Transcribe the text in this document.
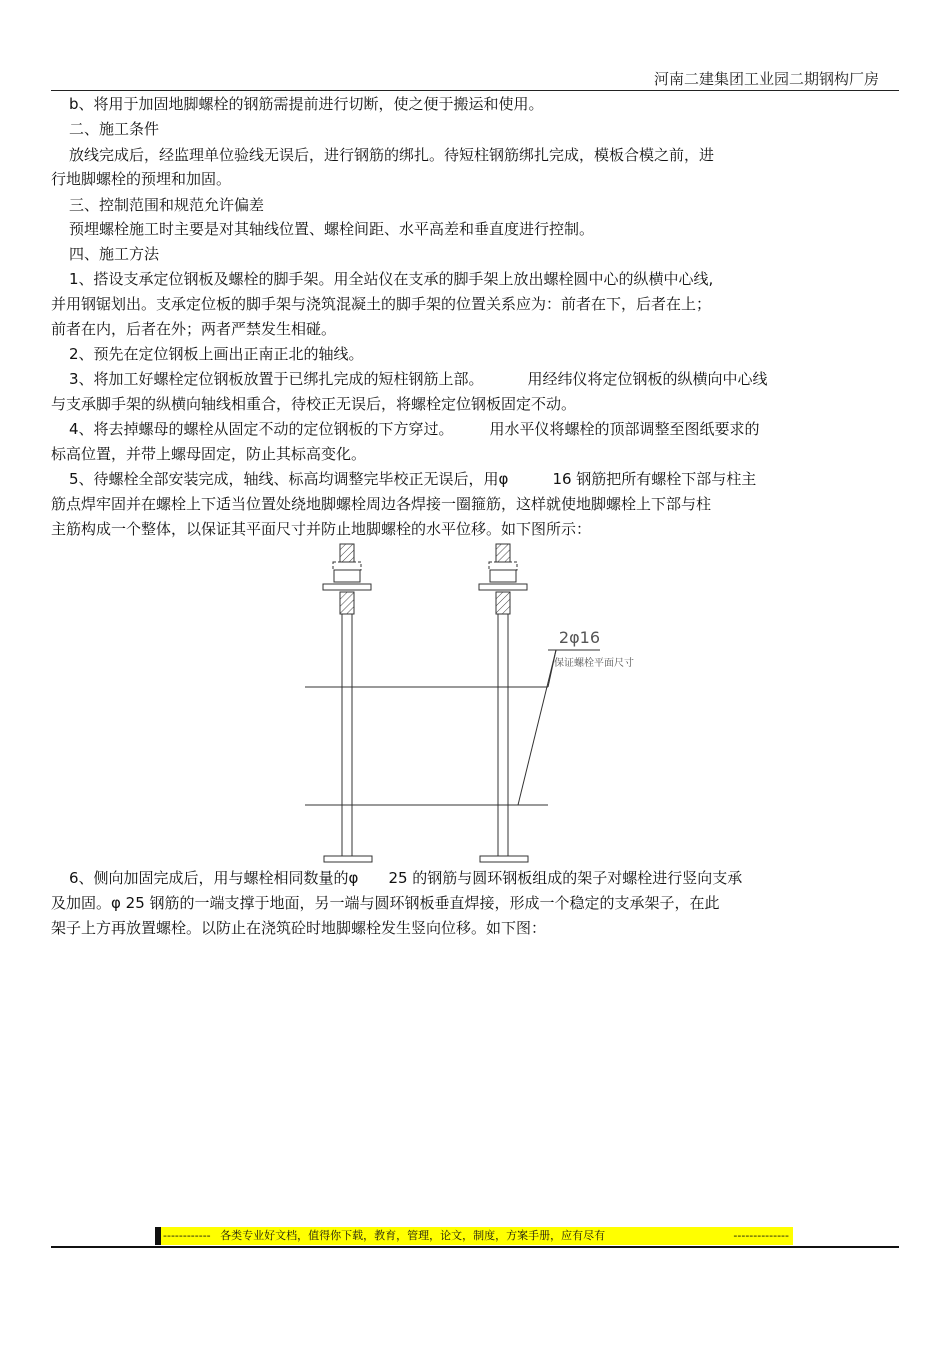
河南二建集团工业园二期钢构厂房
b、将用于加固地脚螺栓的钢筋需提前进行切断，使之便于搬运和使用。
二、施工条件
放线完成后，经监理单位验线无误后，进行钢筋的绑扎。待短柱钢筋绑扎完成，模板合模之前，进
行地脚螺栓的预埋和加固。
三、控制范围和规范允许偏差
预埋螺栓施工时主要是对其轴线位置、螺栓间距、水平高差和垂直度进行控制。
四、施工方法
1、搭设支承定位钢板及螺栓的脚手架。用全站仪在支承的脚手架上放出螺栓圆中心的纵横中心线,
并用钢锯划出。支承定位板的脚手架与浇筑混凝土的脚手架的位置关系应为：前者在下，后者在上；
前者在内，后者在外；两者严禁发生相碰。
2、预先在定位钢板上画出正南正北的轴线。
3、将加工好螺栓定位钢板放置于已绑扎完成的短柱钢筋上部。	用经纬仪将定位钢板的纵横向中心线
与支承脚手架的纵横向轴线相重合，待校正无误后，将螺栓定位钢板固定不动。
4、将去掉螺母的螺栓从固定不动的定位钢板的下方穿过。 用水平仪将螺栓的顶部调整至图纸要求的
标高位置，并带上螺母固定，防止其标高变化。
5、待螺栓全部安装完成，轴线、标高均调整完毕校正无误后，用φ	16 钢筋把所有螺栓下部与柱主
筋点焊牢固并在螺栓上下适当位置处绕地脚螺栓周边各焊接一圈箍筋，这样就使地脚螺栓上下部与柱
主筋构成一个整体，以保证其平面尺寸并防止地脚螺栓的水平位移。如下图所示：
2φ16
保证螺栓平面尺寸
6、侧向加固完成后，用与螺栓相同数量的φ 25 的钢筋与圆环钢板组成的架子对螺栓进行竖向支承
及加固。φ 25 钢筋的一端支撑于地面，另一端与圆环钢板垂直焊接，形成一个稳定的支承架子，在此
架子上方再放置螺栓。以防止在浇筑砼时地脚螺栓发生竖向位移。如下图：
------------ 各类专业好文档，值得你下载，教育，管理，论文，制度，方案手册，应有尽有	--------------
